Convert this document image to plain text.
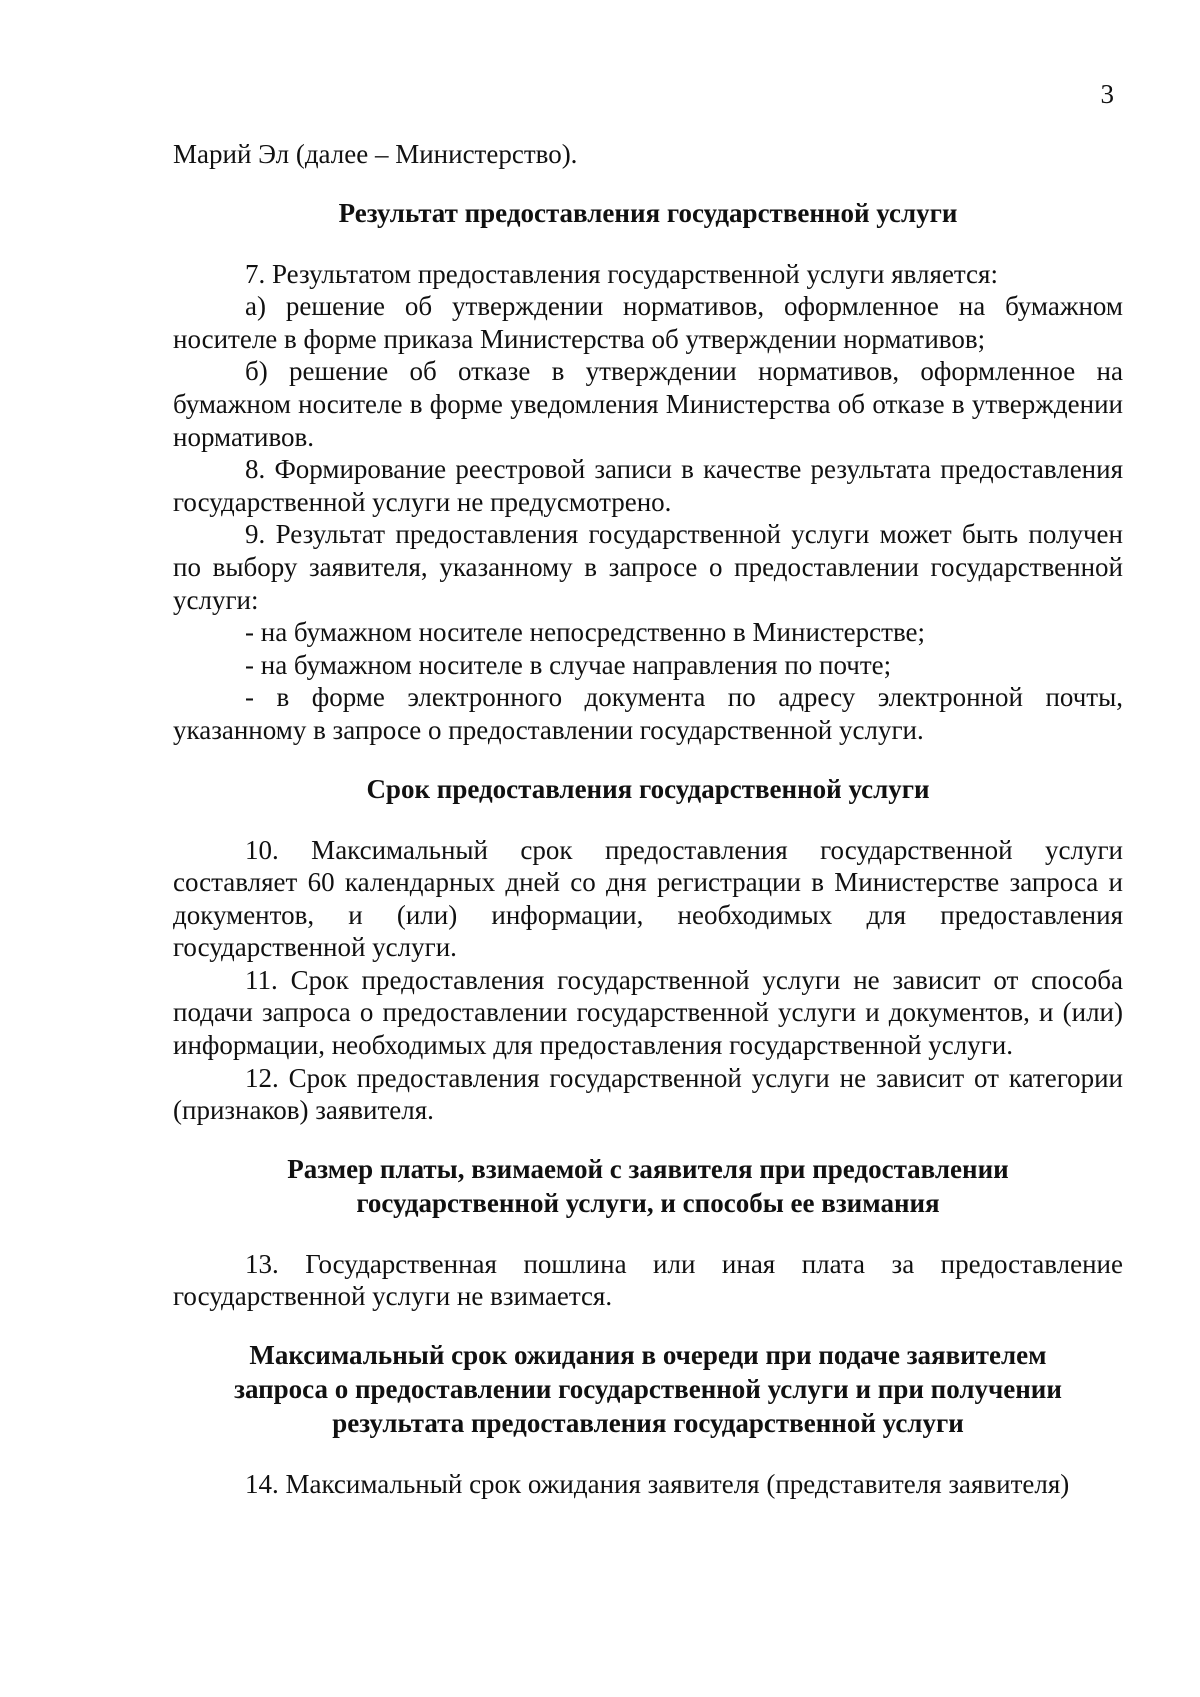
3

Марий Эл (далее – Министерство).

Результат предоставления государственной услуги

7. Результатом предоставления государственной услуги является:

а) решение об утверждении нормативов, оформленное на бумажном носителе в форме приказа Министерства об утверждении нормативов;

б) решение об отказе в утверждении нормативов, оформленное на бумажном носителе в форме уведомления Министерства об отказе в утверждении нормативов.

8. Формирование реестровой записи в качестве результата предоставления государственной услуги не предусмотрено.

9. Результат предоставления государственной услуги может быть получен по выбору заявителя, указанному в запросе о предоставлении государственной услуги:

- на бумажном носителе непосредственно в Министерстве;

- на бумажном носителе в случае направления по почте;

- в форме электронного документа по адресу электронной почты, указанному в запросе о предоставлении государственной услуги.

Срок предоставления государственной услуги

10. Максимальный срок предоставления государственной услуги составляет 60 календарных дней со дня регистрации в Министерстве запроса и документов, и (или) информации, необходимых для предоставления государственной услуги.

11. Срок предоставления государственной услуги не зависит от способа подачи запроса о предоставлении государственной услуги и документов, и (или) информации, необходимых для предоставления государственной услуги.

12. Срок предоставления государственной услуги не зависит от категории (признаков) заявителя.

Размер платы, взимаемой с заявителя при предоставлении
государственной услуги, и способы ее взимания

13. Государственная пошлина или иная плата за предоставление государственной услуги не взимается.

Максимальный срок ожидания в очереди при подаче заявителем
запроса о предоставлении государственной услуги и при получении
результата предоставления государственной услуги

14. Максимальный срок ожидания заявителя (представителя заявителя)
